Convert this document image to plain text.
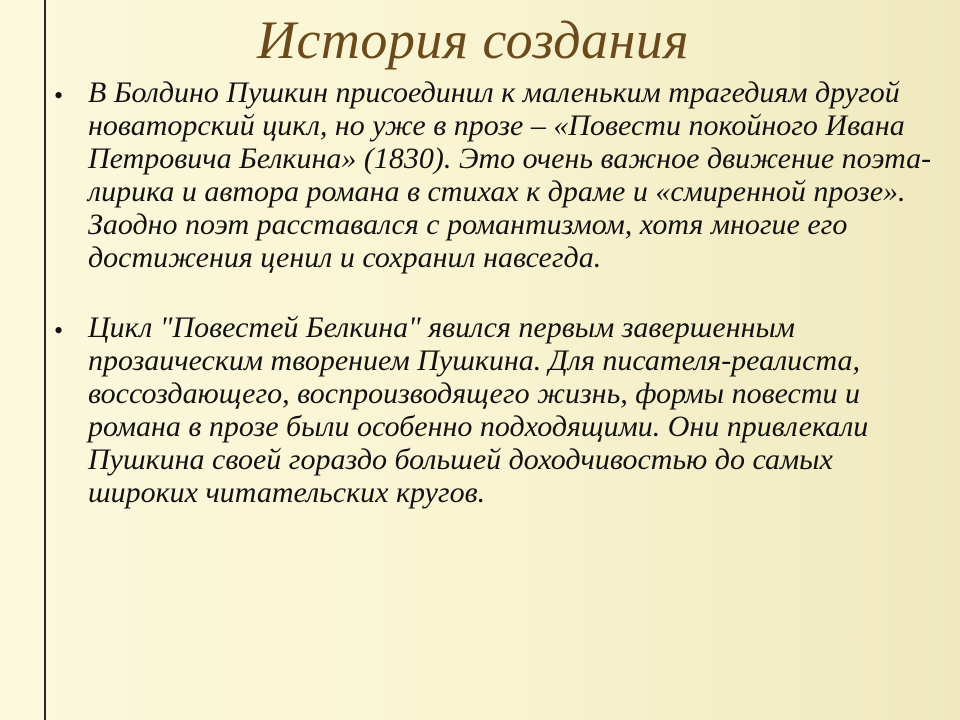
История создания
• В Болдино Пушкин присоединил к маленьким трагедиям другой новаторский цикл, но уже в прозе – «Повести покойного Ивана Петровича Белкина» (1830). Это очень важное движение поэта-лирика и автора романа в стихах к драме и «смиренной прозе». Заодно поэт расставался с романтизмом, хотя многие его достижения ценил и сохранил навсегда.
• Цикл "Повестей Белкина" явился первым завершенным прозаическим творением Пушкина. Для писателя-реалиста, воссоздающего, воспроизводящего жизнь, формы повести и романа в прозе были особенно подходящими. Они привлекали Пушкина своей гораздо большей доходчивостью до самых широких читательских кругов.
